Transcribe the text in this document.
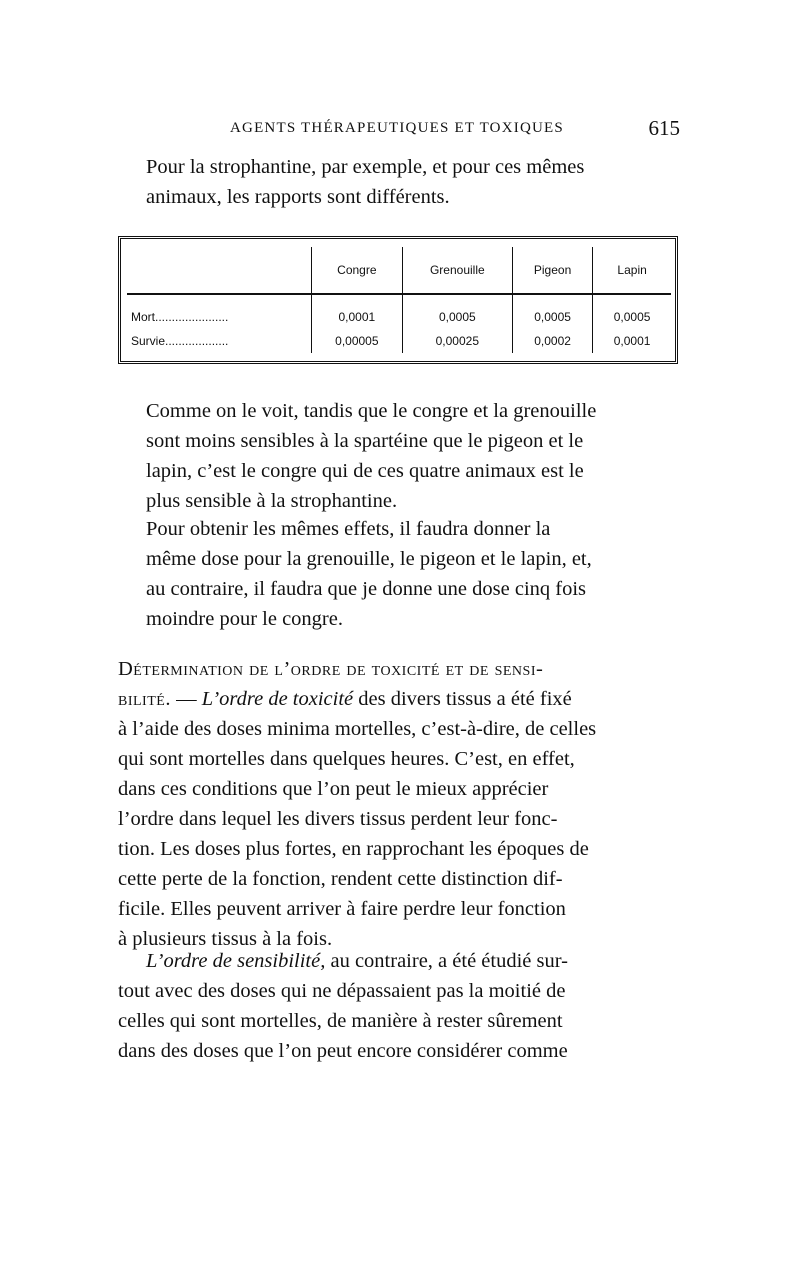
AGENTS THÉRAPEUTIQUES ET TOXIQUES	615

Pour la strophantine, par exemple, et pour ces mêmes
animaux, les rapports sont différents.

	Congre	Grenouille	Pigeon	Lapin
Mort......................	0,0001	0,0005	0,0005	0,0005
Survie...................	0,00005	0,00025	0,0002	0,0001

Comme on le voit, tandis que le congre et la grenouille
sont moins sensibles à la spartéine que le pigeon et le
lapin, c’est le congre qui de ces quatre animaux est le
plus sensible à la strophantine.

Pour obtenir les mêmes effets, il faudra donner la
même dose pour la grenouille, le pigeon et le lapin, et,
au contraire, il faudra que je donne une dose cinq fois
moindre pour le congre.

Détermination de l’ordre de toxicité et de sensi-
bilité. — L’ordre de toxicité des divers tissus a été fixé
à l’aide des doses minima mortelles, c’est-à-dire, de celles
qui sont mortelles dans quelques heures. C’est, en effet,
dans ces conditions que l’on peut le mieux apprécier
l’ordre dans lequel les divers tissus perdent leur fonc-
tion. Les doses plus fortes, en rapprochant les époques de
cette perte de la fonction, rendent cette distinction dif-
ficile. Elles peuvent arriver à faire perdre leur fonction
à plusieurs tissus à la fois.

L’ordre de sensibilité, au contraire, a été étudié sur-
tout avec des doses qui ne dépassaient pas la moitié de
celles qui sont mortelles, de manière à rester sûrement
dans des doses que l’on peut encore considérer comme
